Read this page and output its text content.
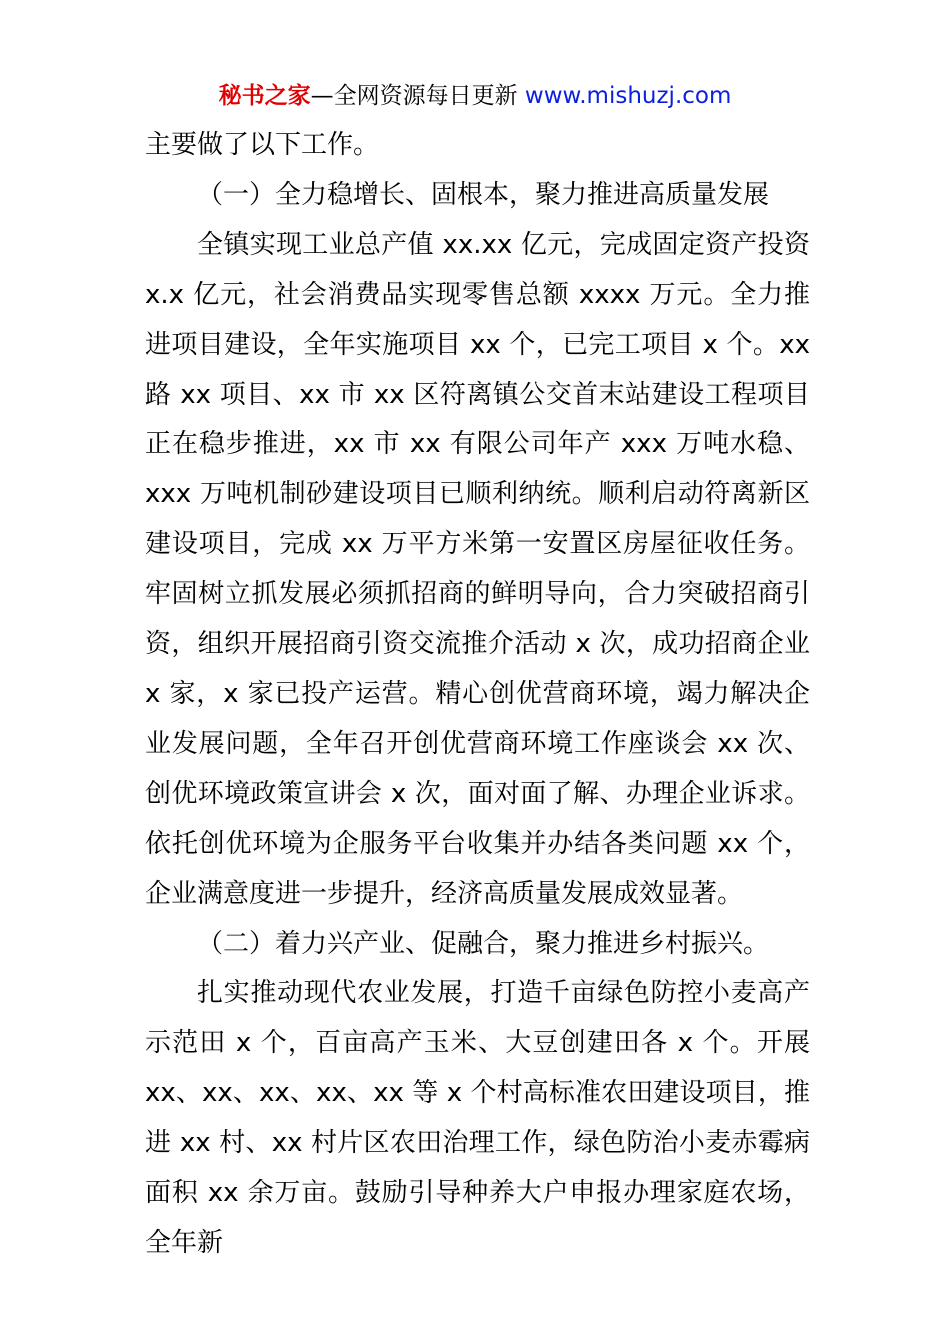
秘书之家—全网资源每日更新 www.mishuzj.com

主要做了以下工作。

（一）全力稳增长、固根本，聚力推进高质量发展

全镇实现工业总产值 xx.xx 亿元，完成固定资产投资 x.x 亿元，社会消费品实现零售总额 xxxx 万元。全力推进项目建设，全年实施项目 xx 个，已完工项目 x 个。xx 路 xx 项目、xx 市 xx 区符离镇公交首末站建设工程项目正在稳步推进，xx 市 xx 有限公司年产 xxx 万吨水稳、xxx 万吨机制砂建设项目已顺利纳统。顺利启动符离新区建设项目，完成 xx 万平方米第一安置区房屋征收任务。牢固树立抓发展必须抓招商的鲜明导向，合力突破招商引资，组织开展招商引资交流推介活动 x 次，成功招商企业 x 家，x 家已投产运营。精心创优营商环境，竭力解决企业发展问题，全年召开创优营商环境工作座谈会 xx 次、创优环境政策宣讲会 x 次，面对面了解、办理企业诉求。依托创优环境为企服务平台收集并办结各类问题 xx 个，企业满意度进一步提升，经济高质量发展成效显著。

（二）着力兴产业、促融合，聚力推进乡村振兴。

扎实推动现代农业发展，打造千亩绿色防控小麦高产示范田 x 个，百亩高产玉米、大豆创建田各 x 个。开展 xx、xx、xx、xx、xx 等 x 个村高标准农田建设项目，推进 xx 村、xx 村片区农田治理工作，绿色防治小麦赤霉病面积 xx 余万亩。鼓励引导种养大户申报办理家庭农场，全年新
